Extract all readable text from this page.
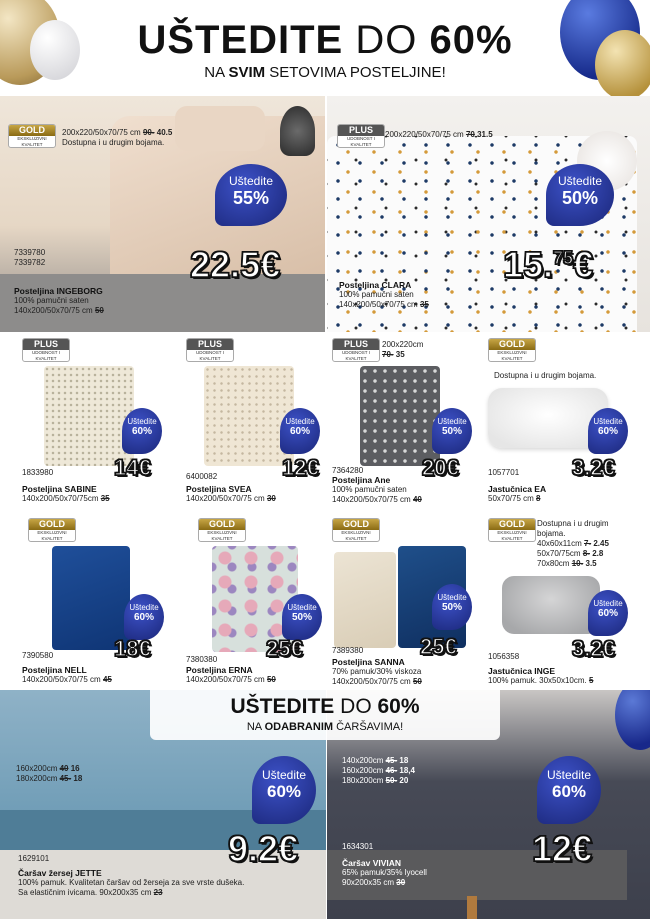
UŠTEDITE DO 60%
NA SVIM SETOVIMA POSTELJINE!
GOLD
EKSKLUZIVNI KVALITET
200x220/50x70/75 cm 90- 40.5
Dostupna i u drugim bojama.
Uštedite
55%
7339780
7339782	22.5€
Posteljina INGEBORG
100% pamučni saten
140x200/50x70/75 cm 50
PLUS
UDOBNOST I KVALITET
200x220/50x70/75 cm 70 31.5
Uštedite
50%
15.75€
Posteljina CLARA
100% pamučni saten
140x200/50x70/75 cm 35
PLUS
UDOBNOST I KVALITET
Uštedite
60%
1833980	14€
Posteljina SABINE
140x200/50x70/75cm 35
PLUS
UDOBNOST I KVALITET
Uštedite
60%
6400082	12€
Posteljina SVEA
140x200/50x70/75 cm 30
PLUS
UDOBNOST I KVALITET
200x220cm
70- 35
Uštedite
50%
7364280	20€
Posteljina Ane
100% pamučni saten
140x200/50x70/75 cm 40
GOLD
EKSKLUZIVNI KVALITET
Dostupna i u drugim bojama.
Uštedite
60%
1057701 3.2€
Jastučnica EA
50x70/75 cm 8
GOLD
EKSKLUZIVNI KVALITET
Uštedite
60%
7390580	18€
Posteljina NELL
140x200/50x70/75 cm 45
GOLD
EKSKLUZIVNI KVALITET
Uštedite
50%
7380380 25€
Posteljina ERNA
140x200/50x70/75 cm 50
GOLD
EKSKLUZIVNI KVALITET
Uštedite
50%
7389380	25€
Posteljina SANNA
70% pamuk/30% viskoza
140x200/50x70/75 cm 50
GOLD
EKSKLUZIVNI KVALITET
Dostupna i u drugim bojama.
40x60x11cm 7- 2.45
50x70/75cm 8- 2.8
70x80cm 10- 3.5
Uštedite
60%
1056358 3.2€
Jastučnica INGE
100% pamuk. 30x50x10cm. 5
160x200cm 40 16
180x200cm 45- 18	Uštedite
60%
9.2€
1629101
Čaršav žersej JETTE
100% pamuk. Kvalitetan čaršav od žerseja za sve vrste dušeka.
Sa elastičnim ivicama. 90x200x35 cm 23
140x200cm 45- 18
160x200cm 46- 18,4
180x200cm 50- 20	Uštedite
60%
12€
1634301
Čaršav VIVIAN
65% pamuk/35% lyocell
90x200x35 cm 30
UŠTEDITE DO 60%
NA ODABRANIM ČARŠAVIMA!
